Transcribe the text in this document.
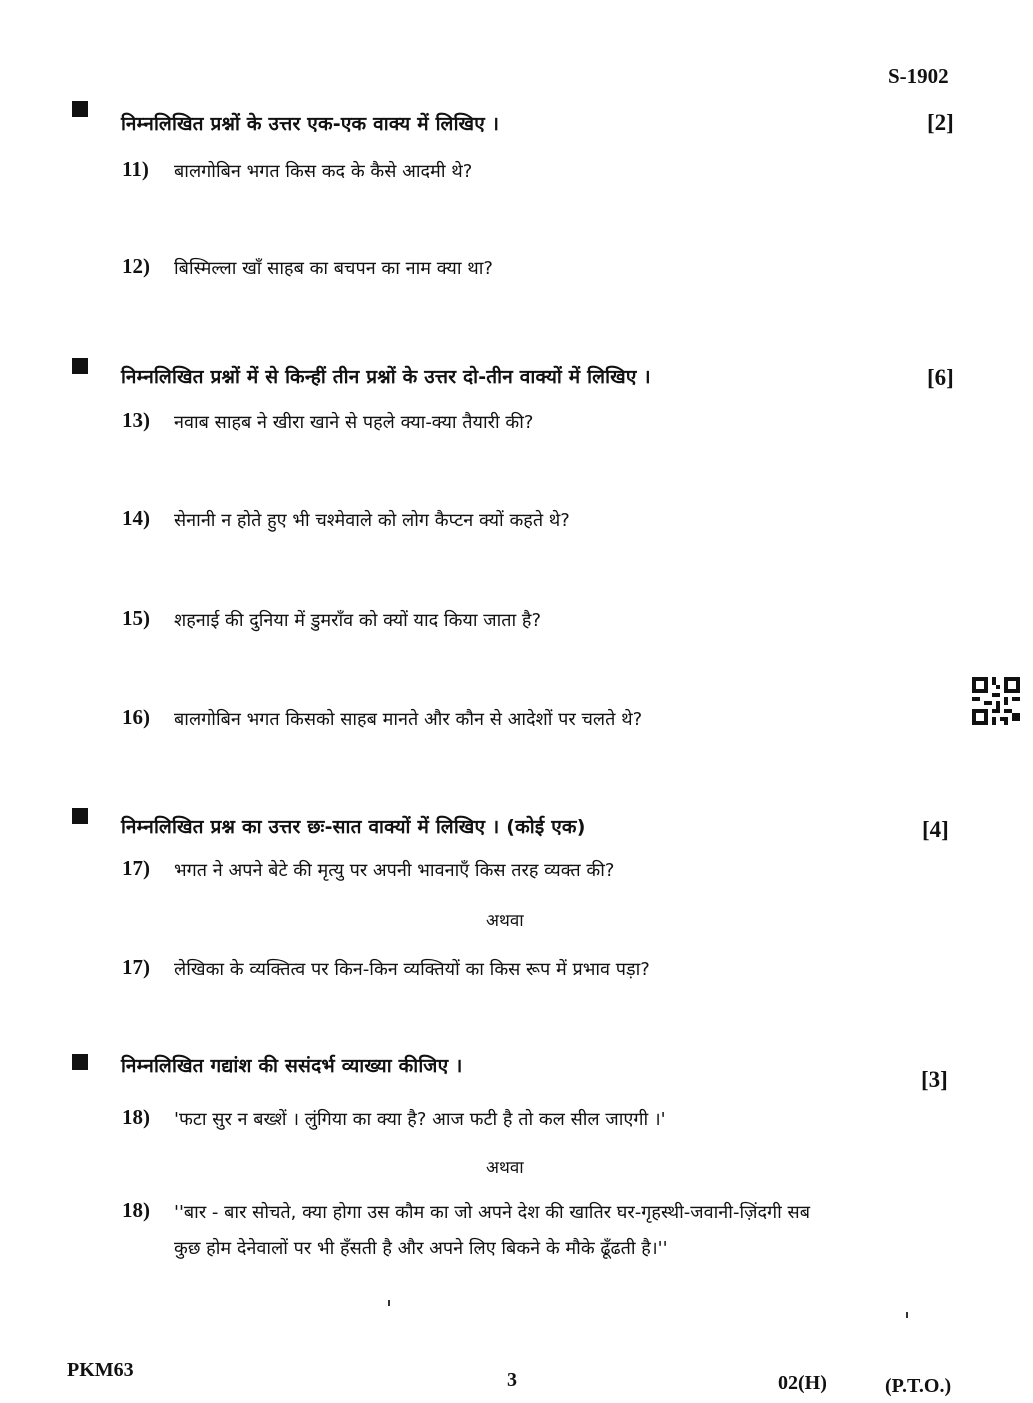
S-1902
निम्नलिखित प्रश्नों के उत्तर एक-एक वाक्य में लिखिए ।	[2]
11) बालगोबिन भगत किस कद के कैसे आदमी थे?
12) बिस्मिल्ला खाँ साहब का बचपन का नाम क्या था?
निम्नलिखित प्रश्नों में से किन्हीं तीन प्रश्नों के उत्तर दो-तीन वाक्यों में लिखिए ।	[6]
13) नवाब साहब ने खीरा खाने से पहले क्या-क्या तैयारी की?
14) सेनानी न होते हुए भी चश्मेवाले को लोग कैप्टन क्यों कहते थे?
15) शहनाई की दुनिया में डुमराँव को क्यों याद किया जाता है?
16) बालगोबिन भगत किसको साहब मानते और कौन से आदेशों पर चलते थे?
निम्नलिखित प्रश्न का उत्तर छः-सात वाक्यों में लिखिए । (कोई एक)	[4]
17) भगत ने अपने बेटे की मृत्यु पर अपनी भावनाएँ किस तरह व्यक्त की?
अथवा
17) लेखिका के व्यक्तित्व पर किन-किन व्यक्तियों का किस रूप में प्रभाव पड़ा?
निम्नलिखित गद्यांश की ससंदर्भ व्याख्या कीजिए ।
[3]
18) 'फटा सुर न बख्शें । लुंगिया का क्या है? आज फटी है तो कल सील जाएगी ।'
अथवा
18) ''बार - बार सोचते, क्या होगा उस कौम का जो अपने देश की खातिर घर-गृहस्थी-जवानी-ज़िंदगी सब
कुछ होम देनेवालों पर भी हँसती है और अपने लिए बिकने के मौके ढूँढती है।''
PKM63	3	02(H)	(P.T.O.)
